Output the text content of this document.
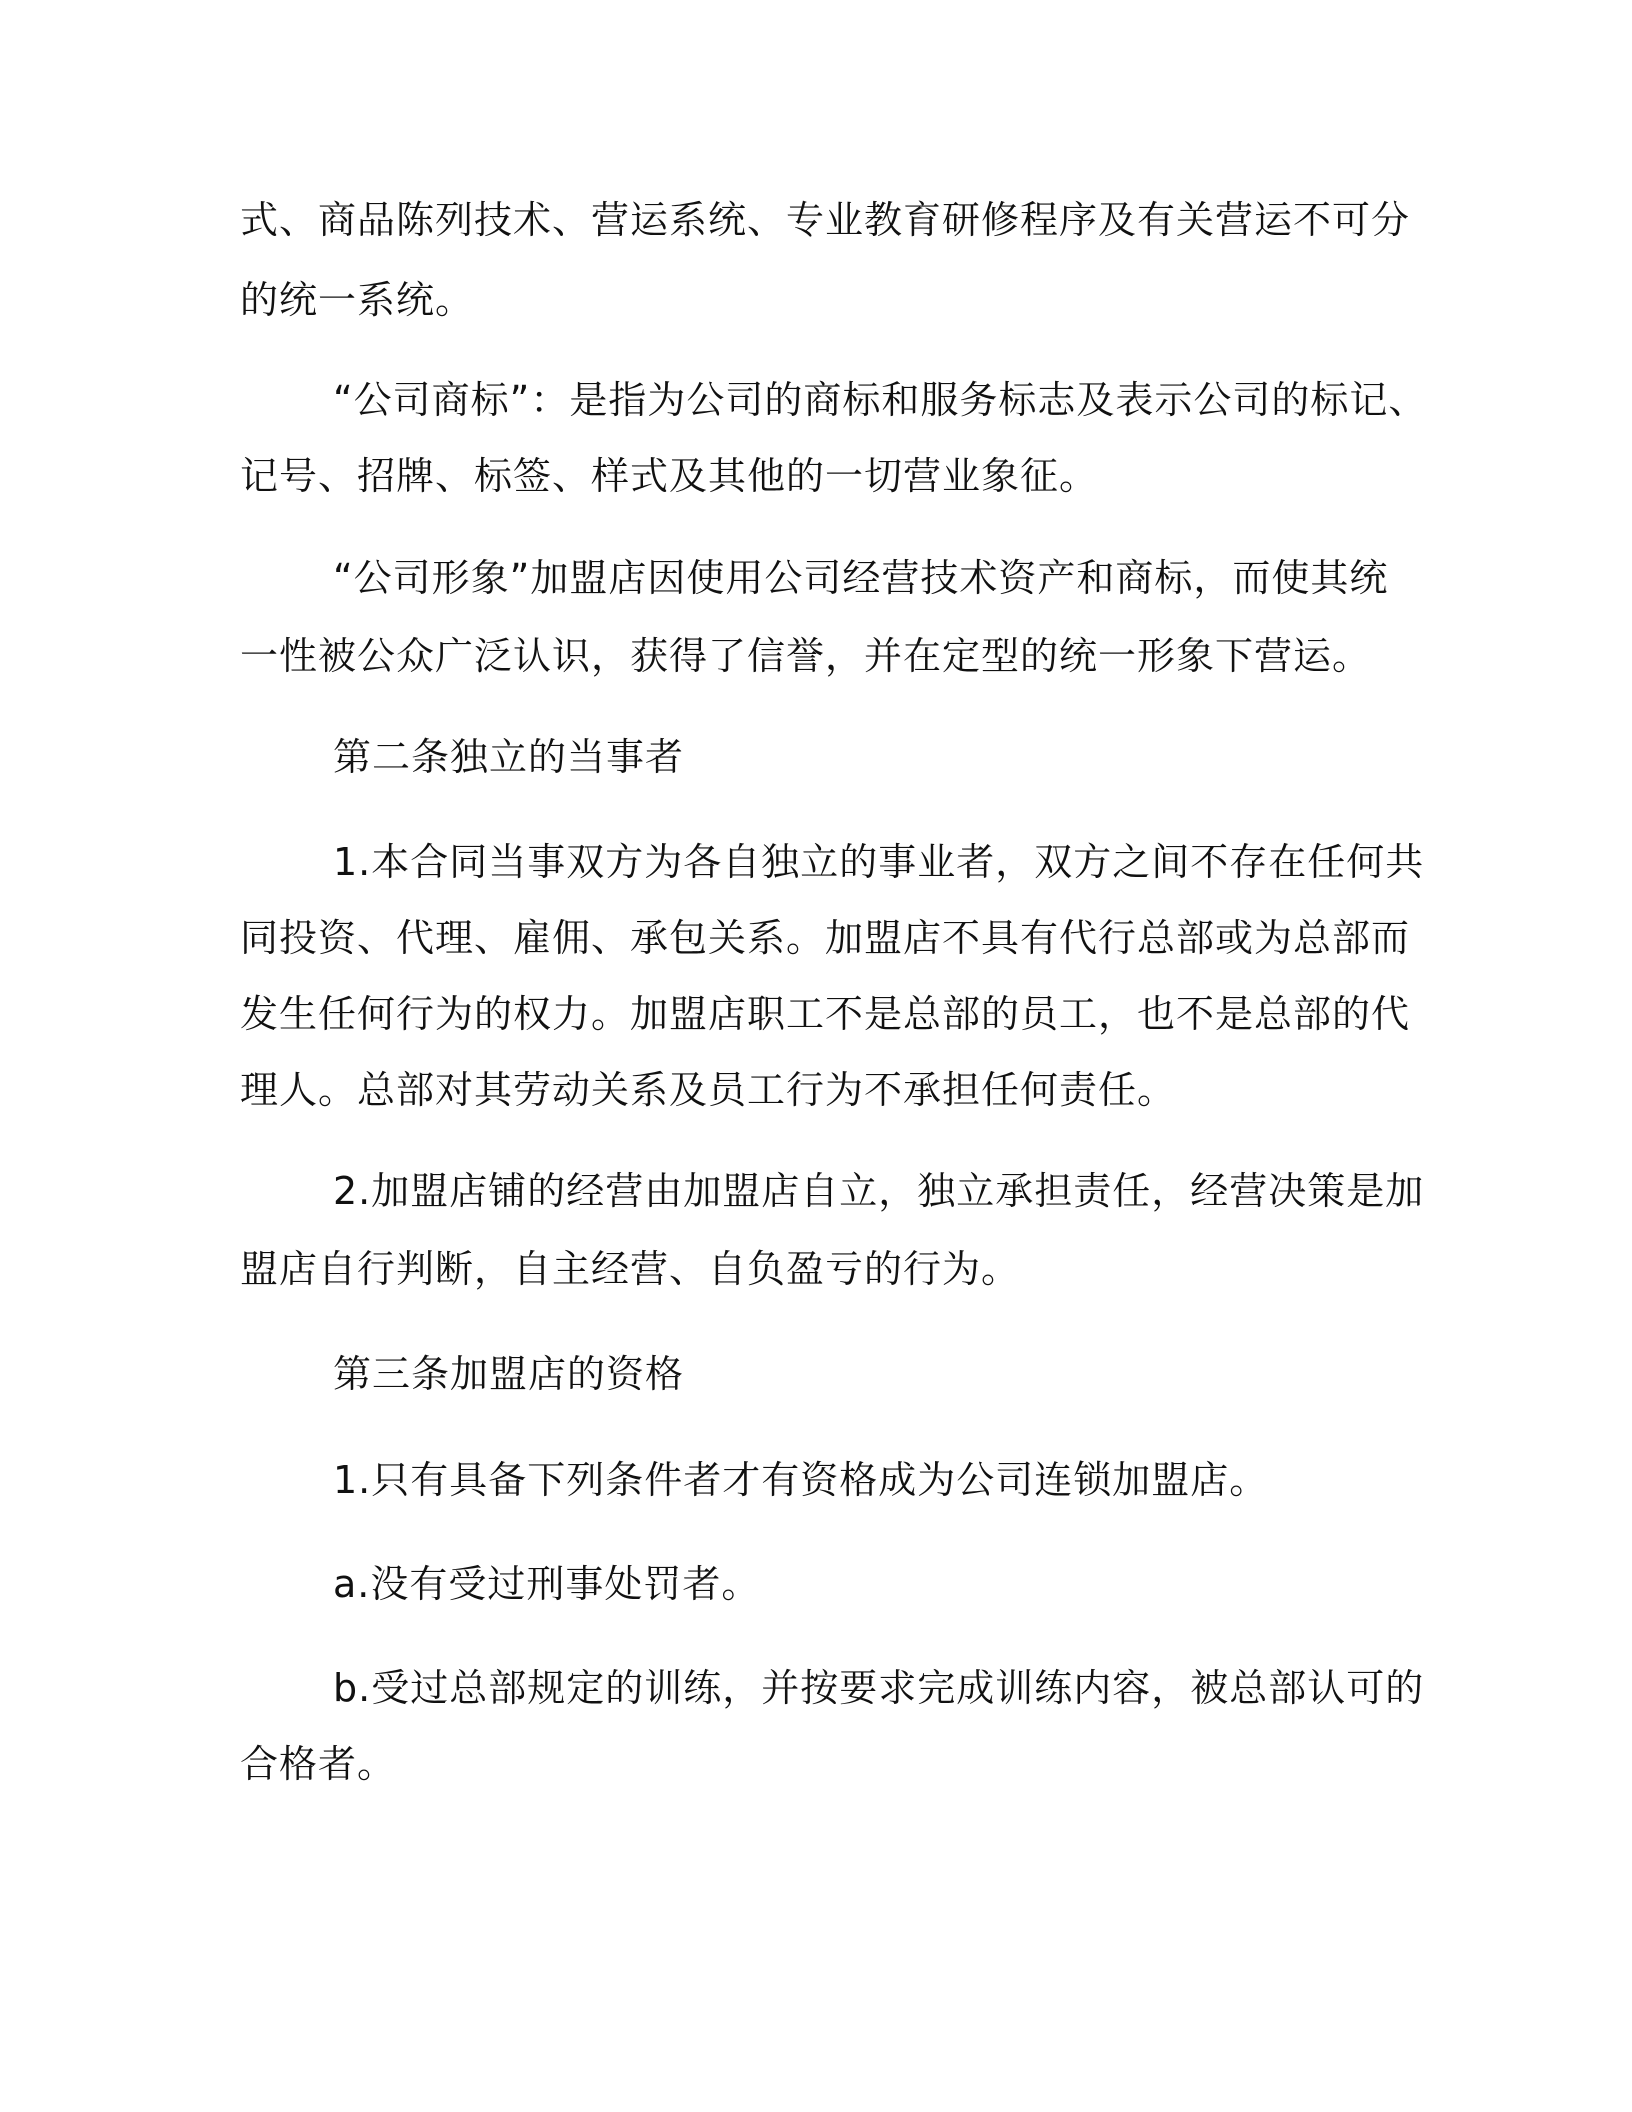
式、商品陈列技术、营运系统、专业教育研修程序及有关营运不可分

的统一系统。

“公司商标”：是指为公司的商标和服务标志及表示公司的标记、

记号、招牌、标签、样式及其他的一切营业象征。

“公司形象”加盟店因使用公司经营技术资产和商标，而使其统

一性被公众广泛认识，获得了信誉，并在定型的统一形象下营运。

第二条独立的当事者

1.本合同当事双方为各自独立的事业者，双方之间不存在任何共

同投资、代理、雇佣、承包关系。加盟店不具有代行总部或为总部而

发生任何行为的权力。加盟店职工不是总部的员工，也不是总部的代

理人。总部对其劳动关系及员工行为不承担任何责任。

2.加盟店铺的经营由加盟店自立，独立承担责任，经营决策是加

盟店自行判断，自主经营、自负盈亏的行为。

第三条加盟店的资格

1.只有具备下列条件者才有资格成为公司连锁加盟店。

a.没有受过刑事处罚者。

b.受过总部规定的训练，并按要求完成训练内容，被总部认可的

合格者。
